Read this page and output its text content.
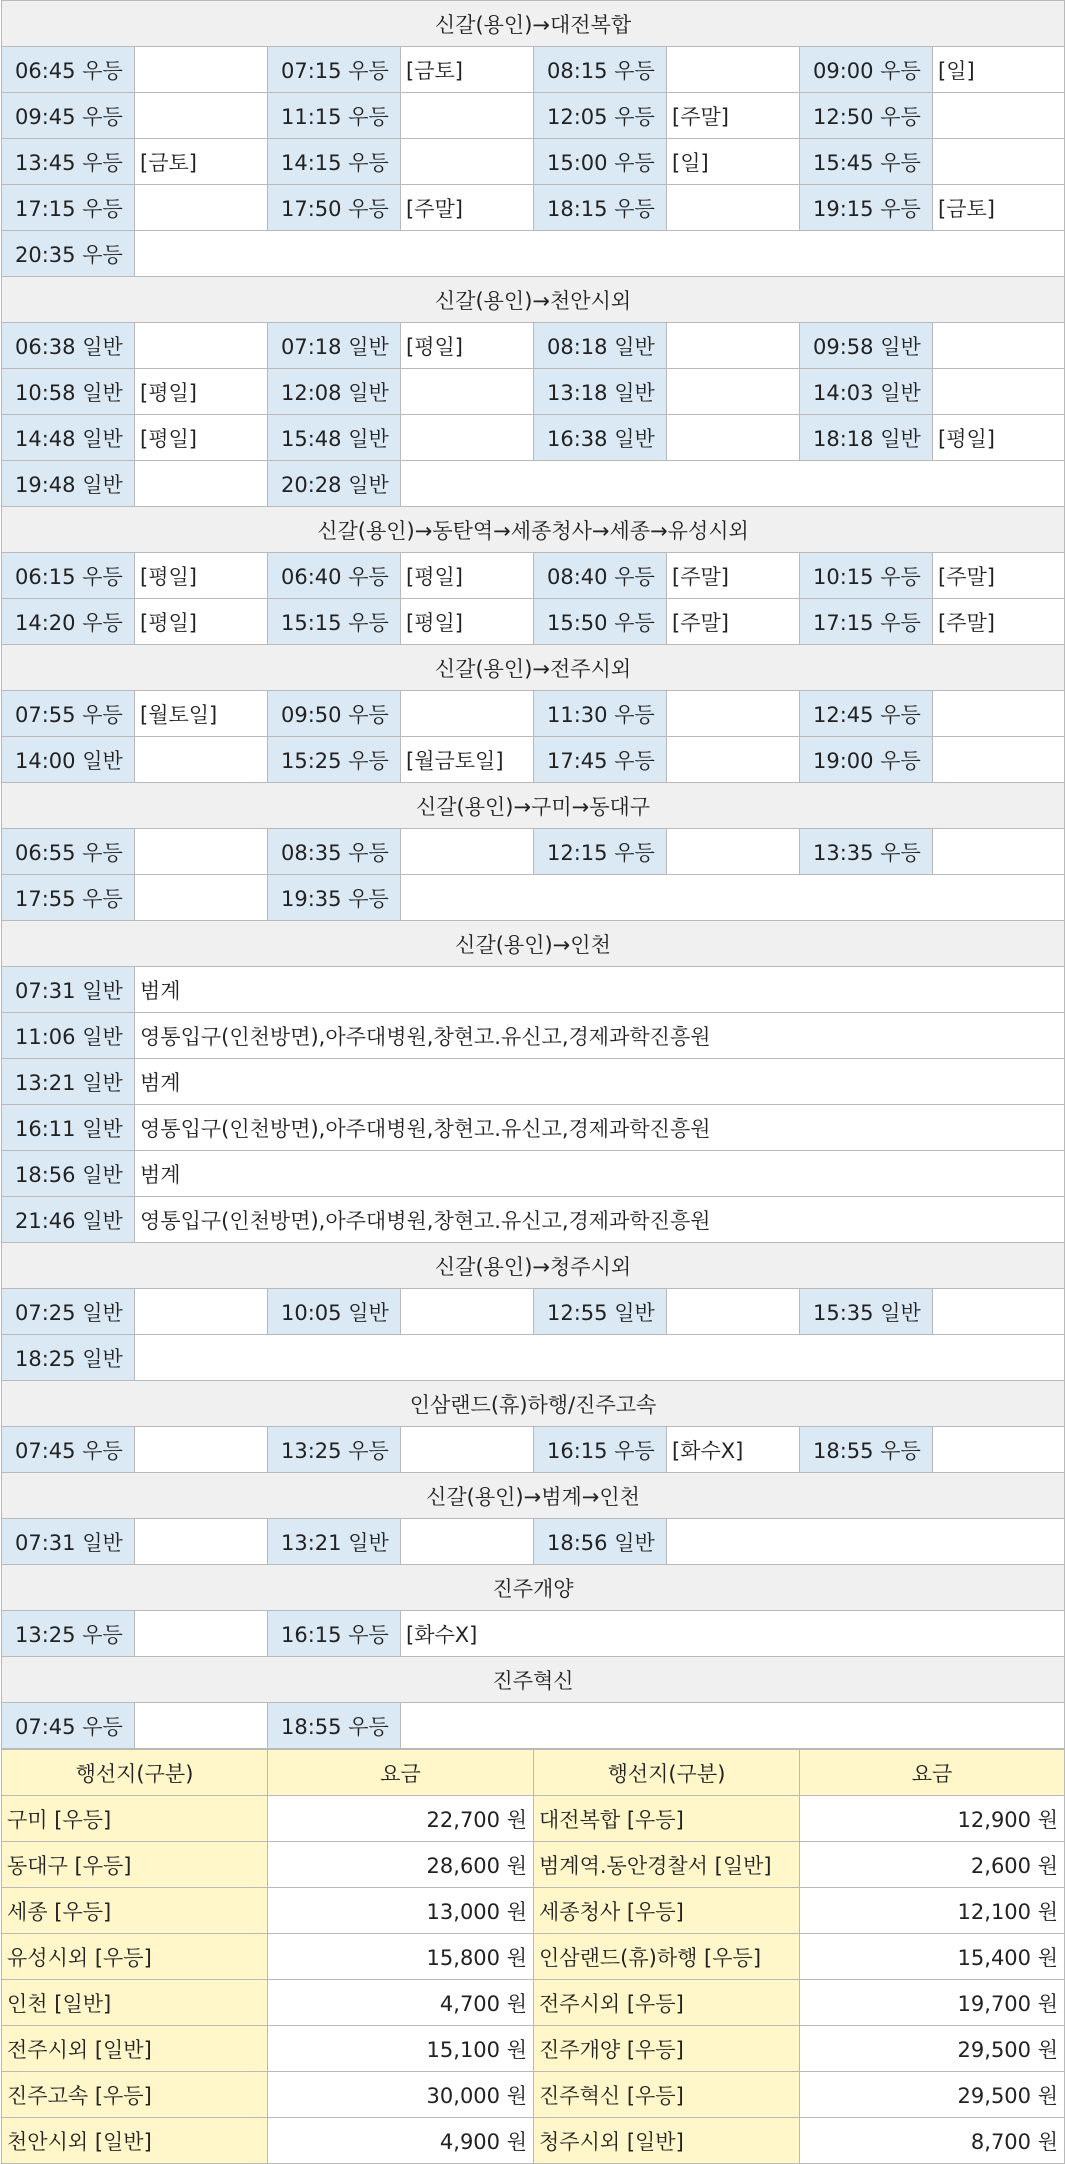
신갈(용인)→대전복합							
06:45 우등		07:15 우등	[금토]	08:15 우등		09:00 우등	[일]
09:45 우등		11:15 우등		12:05 우등	[주말]	12:50 우등	
13:45 우등	[금토]	14:15 우등		15:00 우등	[일]	15:45 우등	
17:15 우등		17:50 우등	[주말]	18:15 우등		19:15 우등	[금토]
20:35 우등							
신갈(용인)→천안시외							
06:38 일반		07:18 일반	[평일]	08:18 일반		09:58 일반	
10:58 일반	[평일]	12:08 일반		13:18 일반		14:03 일반	
14:48 일반	[평일]	15:48 일반		16:38 일반		18:18 일반	[평일]
19:48 일반		20:28 일반					
신갈(용인)→동탄역→세종청사→세종→유성시외							
06:15 우등	[평일]	06:40 우등	[평일]	08:40 우등	[주말]	10:15 우등	[주말]
14:20 우등	[평일]	15:15 우등	[평일]	15:50 우등	[주말]	17:15 우등	[주말]
신갈(용인)→전주시외							
07:55 우등	[월토일]	09:50 우등		11:30 우등		12:45 우등	
14:00 일반		15:25 우등	[월금토일]	17:45 우등		19:00 우등	
신갈(용인)→구미→동대구							
06:55 우등		08:35 우등		12:15 우등		13:35 우등	
17:55 우등		19:35 우등					
신갈(용인)→인천							
07:31 일반	범계						
11:06 일반	영통입구(인천방면),아주대병원,창현고.유신고,경제과학진흥원						
13:21 일반	범계						
16:11 일반	영통입구(인천방면),아주대병원,창현고.유신고,경제과학진흥원						
18:56 일반	범계						
21:46 일반	영통입구(인천방면),아주대병원,창현고.유신고,경제과학진흥원						
신갈(용인)→청주시외							
07:25 일반		10:05 일반		12:55 일반		15:35 일반	
18:25 일반							
인삼랜드(휴)하행/진주고속							
07:45 우등		13:25 우등		16:15 우등	[화수X]	18:55 우등	
신갈(용인)→범계→인천							
07:31 일반		13:21 일반		18:56 일반			
진주개양							
13:25 우등		16:15 우등	[화수X]				
진주혁신							
07:45 우등		18:55 우등					
행선지(구분)	요금	행선지(구분)	요금
구미 [우등]	22,700 원	대전복합 [우등]	12,900 원
동대구 [우등]	28,600 원	범계역.동안경찰서 [일반]	2,600 원
세종 [우등]	13,000 원	세종청사 [우등]	12,100 원
유성시외 [우등]	15,800 원	인삼랜드(휴)하행 [우등]	15,400 원
인천 [일반]	4,700 원	전주시외 [우등]	19,700 원
전주시외 [일반]	15,100 원	진주개양 [우등]	29,500 원
진주고속 [우등]	30,000 원	진주혁신 [우등]	29,500 원
천안시외 [일반]	4,900 원	청주시외 [일반]	8,700 원
